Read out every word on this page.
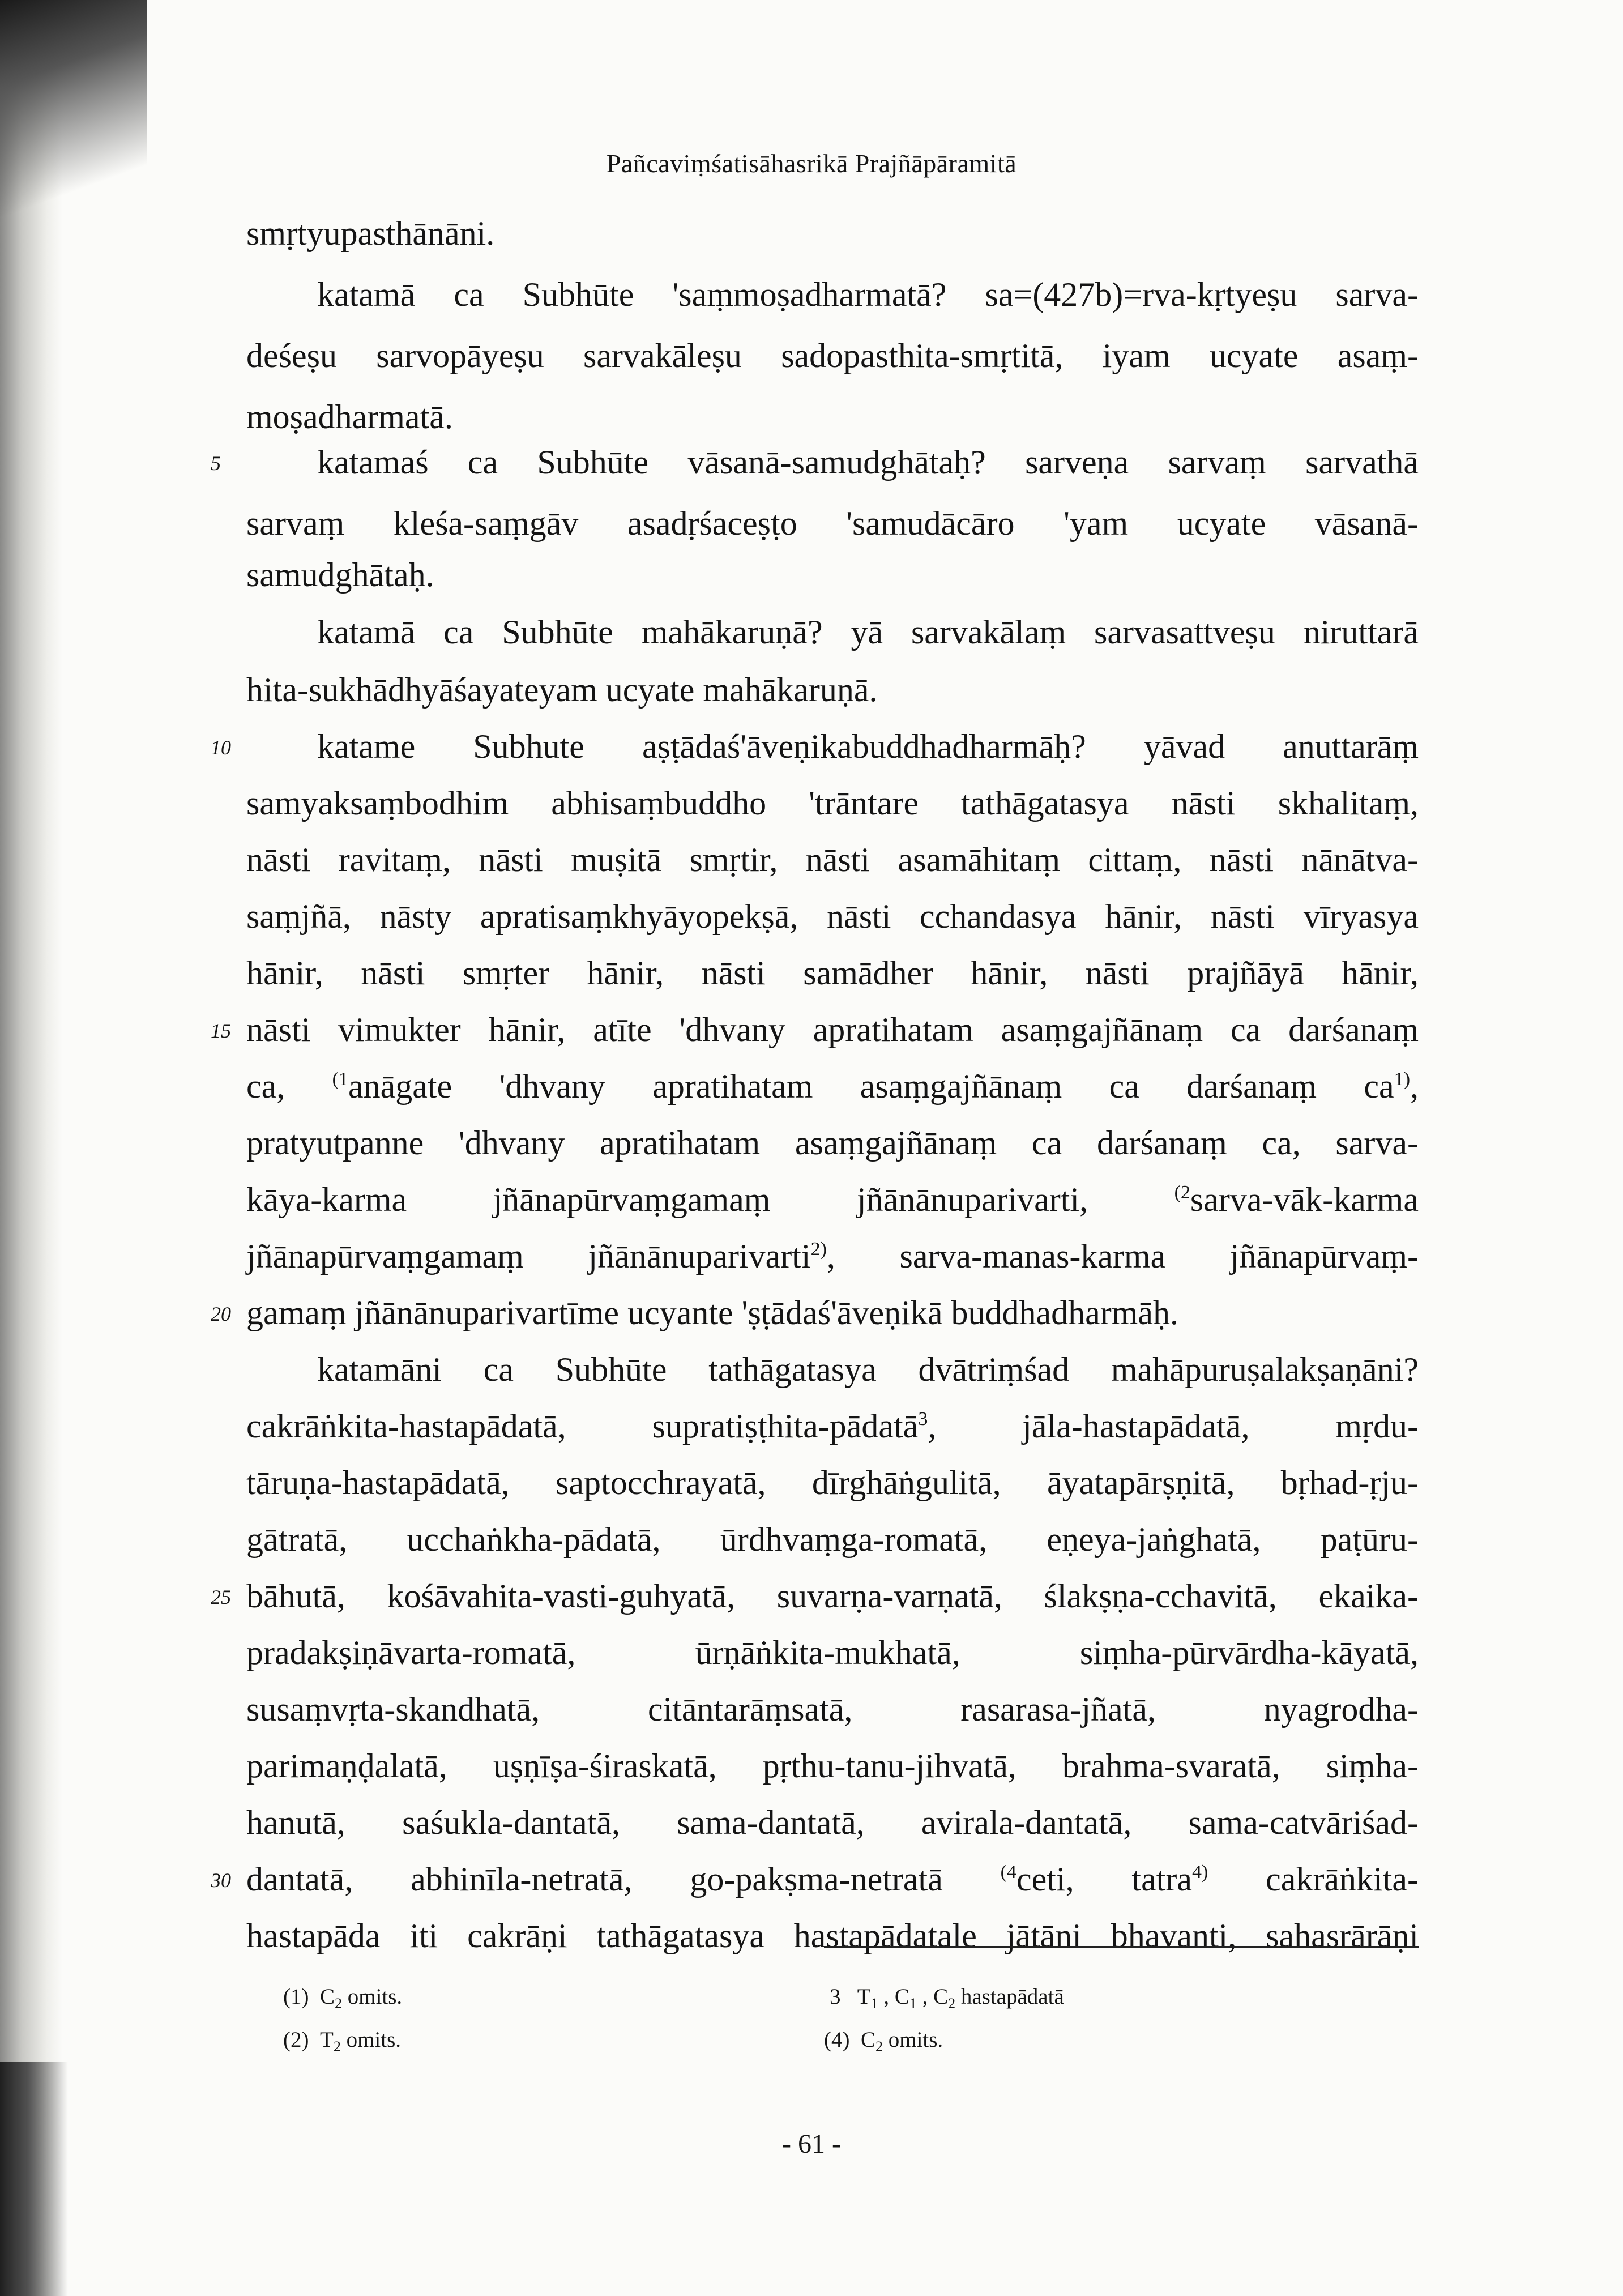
Pañcaviṃśatisāhasrikā Prajñāpāramitā
smṛtyupasthānāni.
katamā ca Subhūte 'saṃmoṣadharmatā? sa=(427b)=rva-kṛtyeṣu sarva-
deśeṣu sarvopāyeṣu sarvakāleṣu sadopasthita-smṛtitā, iyam ucyate asaṃ-
moṣadharmatā.
5	katamaś ca Subhūte vāsanā-samudghātaḥ? sarveṇa sarvaṃ sarvathā
sarvaṃ kleśa-saṃgāv asadṛśaceṣṭo 'samudācāro 'yam ucyate vāsanā-
samudghātaḥ.
katamā ca Subhūte mahākaruṇā? yā sarvakālaṃ sarvasattveṣu niruttarā
hita-sukhādhyāśayateyam ucyate mahākaruṇā.
10	katame Subhute aṣṭādaś'āveṇikabuddhadharmāḥ? yāvad anuttarāṃ
samyaksaṃbodhim abhisaṃbuddho 'trāntare tathāgatasya nāsti skhalitaṃ,
nāsti ravitaṃ, nāsti muṣitā smṛtir, nāsti asamāhitaṃ cittaṃ, nāsti nānātva-
saṃjñā, nāsty apratisaṃkhyāyopekṣā, nāsti cchandasya hānir, nāsti vīryasya
hānir, nāsti smṛter hānir, nāsti samādher hānir, nāsti prajñāyā hānir,
15 nāsti vimukter hānir, atīte 'dhvany apratihatam asaṃgajñānaṃ ca darśanaṃ
ca, $^{(1}$anāgate 'dhvany apratihatam asaṃgajñānaṃ ca darśanaṃ $ca^{1)}$,
pratyutpanne 'dhvany apratihatam asaṃgajñānaṃ ca darśanaṃ ca, sarva-
kāya-karma jñānapūrvaṃgamaṃ jñānānuparivarti, $^{(2}$sarva-vāk-karma
jñānapūrvaṃgamaṃ jñānānuparivarti$^{2)}$, sarva-manas-karma jñānapūrvaṃ-
20 gamaṃ jñānānuparivartīme ucyante 'ṣṭādaś'āveṇikā buddhadharmāḥ.
katamāni ca Subhūte tathāgatasya dvātriṃśad mahāpuruṣalakṣaṇāni?
cakrāṅkita-hastapādatā, supratiṣṭhita-pādatā$^3$, jāla-hastapādatā, mṛdu-
tāruṇa-hastapādatā, saptocchrayatā, dīrghāṅgulitā, āyatapārṣṇitā, bṛhad-ṛju-
gātratā, ucchaṅkha-pādatā, ūrdhvaṃga-romatā, eṇeya-jaṅghatā, paṭūru-
25 bāhutā, kośāvahita-vasti-guhyatā, suvarṇa-varṇatā, ślakṣṇa-cchavitā, ekaika-
pradakṣiṇāvarta-romatā, ūrṇāṅkita-mukhatā, siṃha-pūrvārdha-kāyatā,
susaṃvṛta-skandhatā, citāntarāṃsatā, rasarasa-jñatā, nyagrodha-
parimaṇḍalatā, uṣṇīṣa-śiraskatā, pṛthu-tanu-jihvatā, brahma-svaratā, siṃha-
hanutā, saśukla-dantatā, sama-dantatā, avirala-dantatā, sama-catvāriśad-
30 dantatā, abhinīla-netratā, go-pakṣma-netratā $^{(4}$ceti, tatra$^{4)}$ cakrāṅkita-
hastapāda iti cakrāṇi tathāgatasya hastapādatale jātāni bhavanti, sahasrārāṇi
(1) $C_2$ omits.	3 $T_1$ , $C_1$ , $C_2$ hastapādatā
(2) $T_2$ omits.	(4) $C_2$ omits.
- 61 -
